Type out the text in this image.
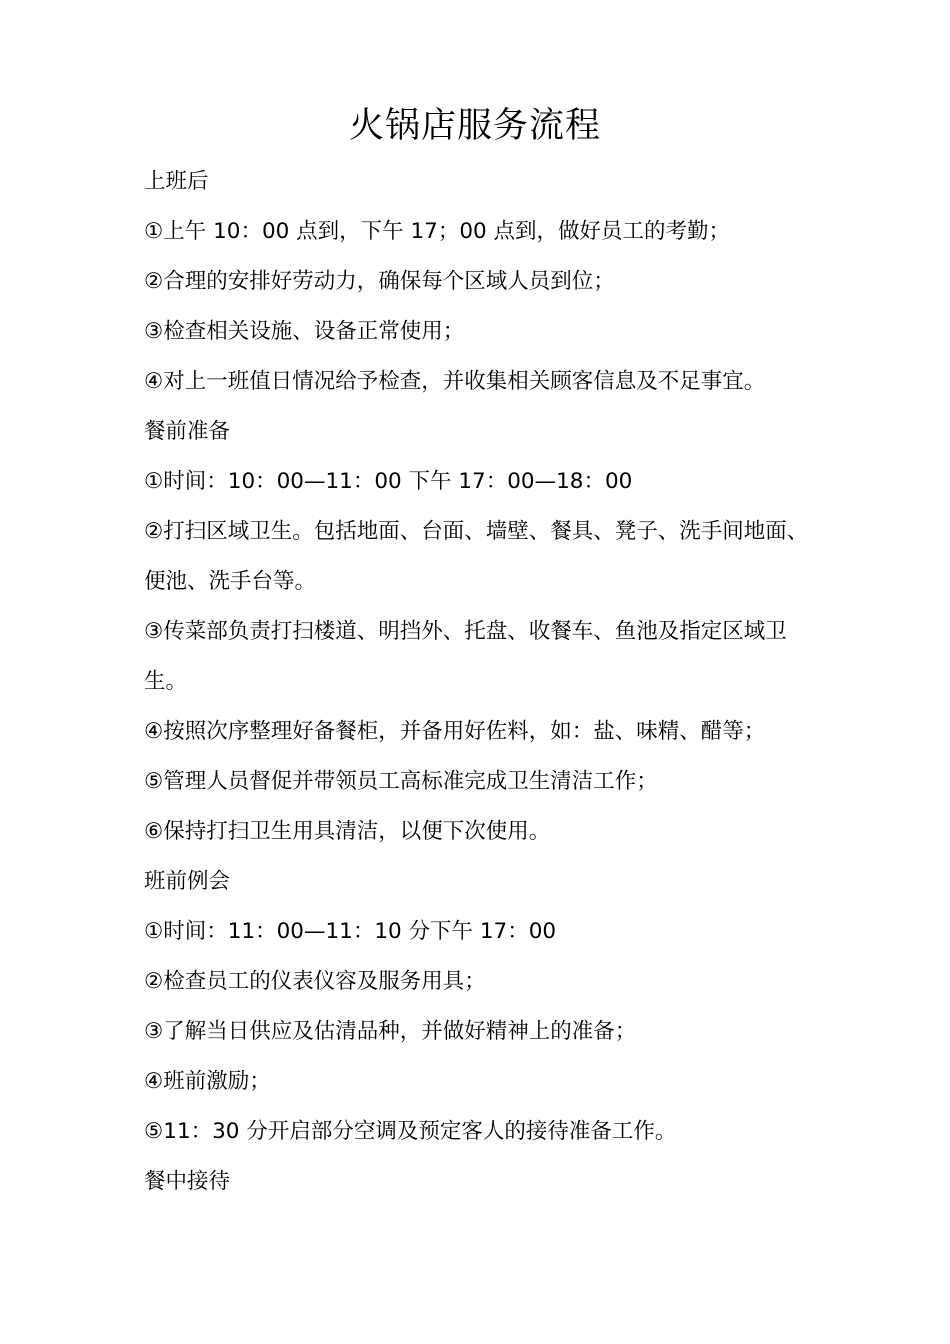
火锅店服务流程
上班后
①上午 10：00 点到，下午 17；00 点到，做好员工的考勤；
②合理的安排好劳动力，确保每个区域人员到位；
③检查相关设施、设备正常使用；
④对上一班值日情况给予检查，并收集相关顾客信息及不足事宜。
餐前准备
①时间：10：00—11：00 下午 17：00—18：00
②打扫区域卫生。包括地面、台面、墙壁、餐具、凳子、洗手间地面、
便池、洗手台等。
③传菜部负责打扫楼道、明挡外、托盘、收餐车、鱼池及指定区域卫
生。
④按照次序整理好备餐柜，并备用好佐料，如：盐、味精、醋等；
⑤管理人员督促并带领员工高标准完成卫生清洁工作；
⑥保持打扫卫生用具清洁，以便下次使用。
班前例会
①时间：11：00—11：10 分下午 17：00
②检查员工的仪表仪容及服务用具；
③了解当日供应及估清品种，并做好精神上的准备；
④班前激励；
⑤11：30 分开启部分空调及预定客人的接待准备工作。
餐中接待
